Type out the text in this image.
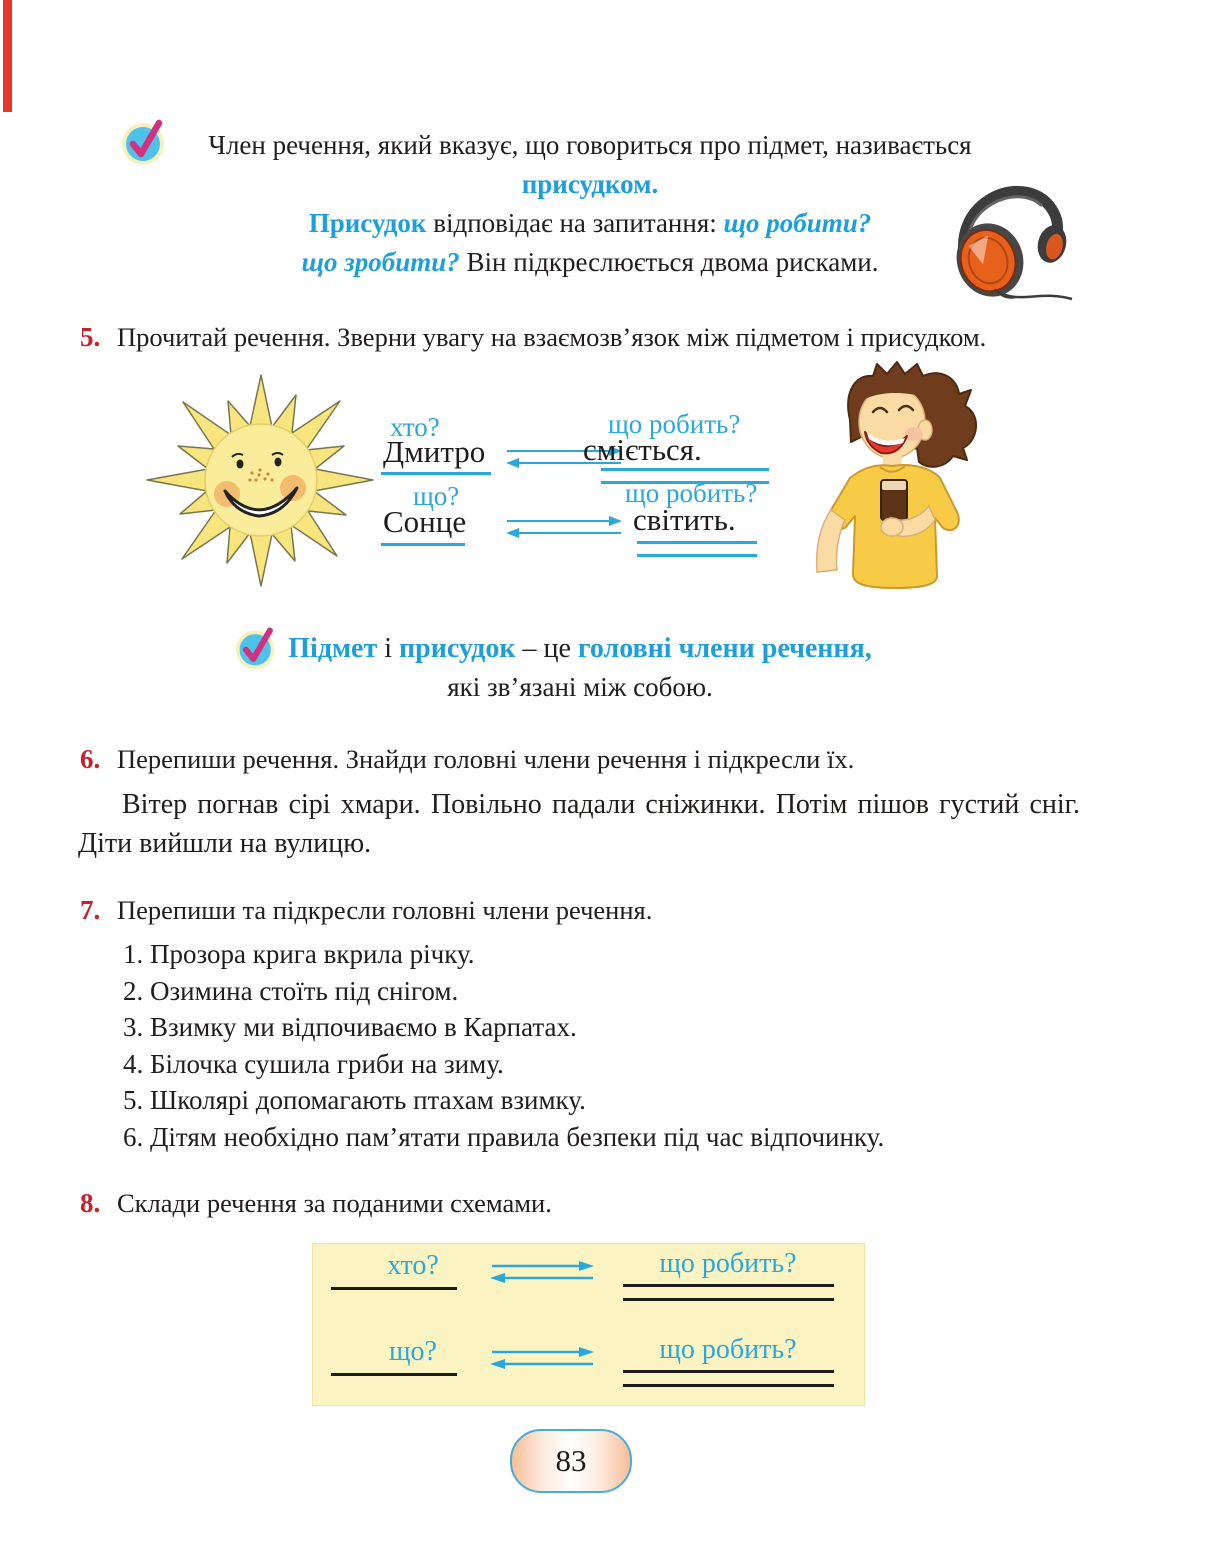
Член речення, який вказує, що говориться про підмет, називається
присудком.
Присудок відповідає на запитання: що робити?
що зробити? Він підкреслюється двома рисками.
5. Прочитай речення. Зверни увагу на взаємозв’язок між підметом і присудком.
хто?
Дмитро
що робить?
сміється.
що?
Сонце
що робить?
світить.
Підмет і присудок – це головні члени речення,
які зв’язані між собою.
6. Перепиши речення. Знайди головні члени речення і підкресли їх.
Вітер погнав сірі хмари. Повільно падали сніжинки. Потім пішов густий сніг. Діти вийшли на вулицю.
7. Перепиши та підкресли головні члени речення.
1. Прозора крига вкрила річку.
2. Озимина стоїть під снігом.
3. Взимку ми відпочиваємо в Карпатах.
4. Білочка сушила гриби на зиму.
5. Школярі допомагають птахам взимку.
6. Дітям необхідно пам’ятати правила безпеки під час відпочинку.
8. Склади речення за поданими схемами.
хто?	що робить?
що?	що робить?
83
